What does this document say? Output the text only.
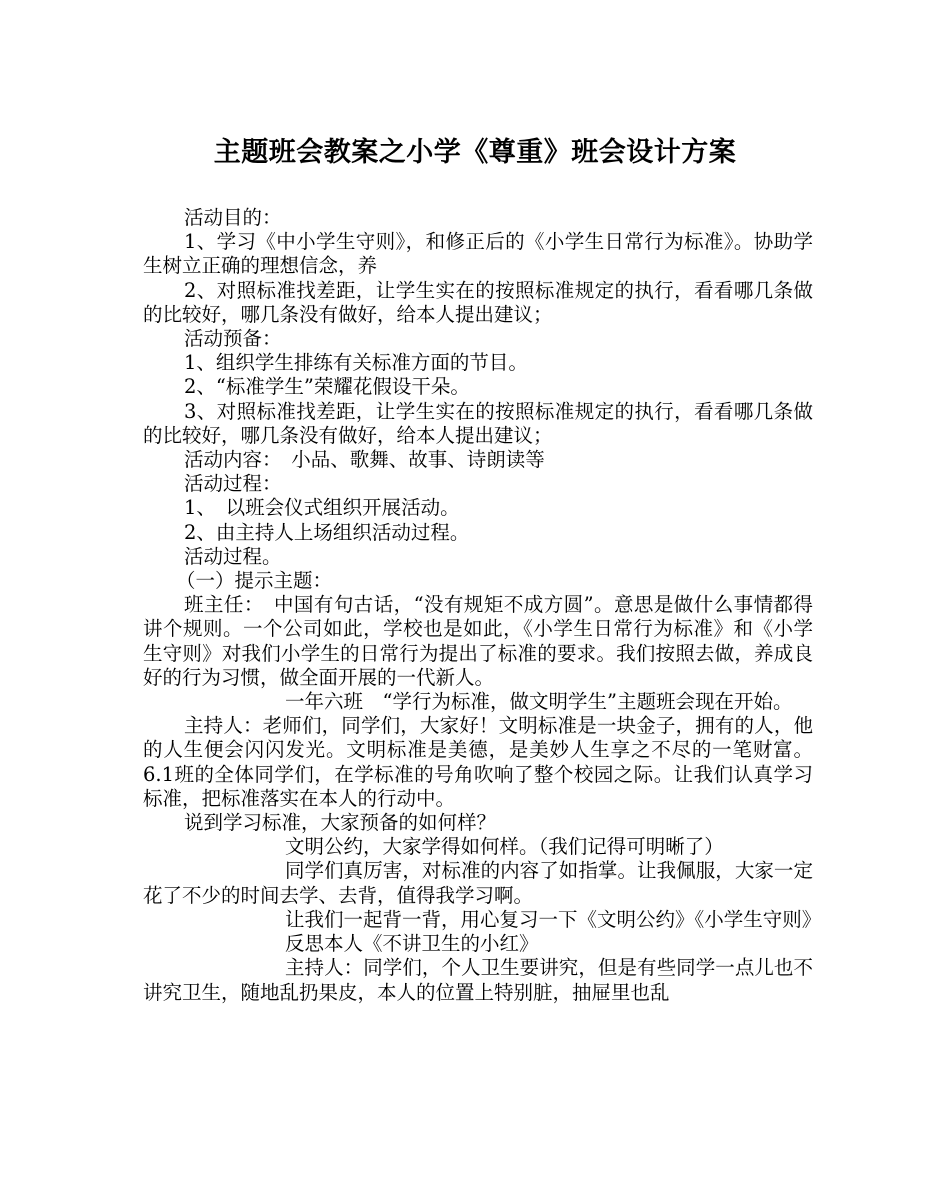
主题班会教案之小学《尊重》班会设计方案

活动目的：

1、学习《中小学生守则》，和修正后的《小学生日常行为标准》。协助学生树立正确的理想信念，养

2、对照标准找差距，让学生实在的按照标准规定的执行，看看哪几条做的比较好，哪几条没有做好，给本人提出建议；

活动预备：

1、组织学生排练有关标准方面的节目。

2、“标准学生”荣耀花假设干朵。

3、对照标准找差距，让学生实在的按照标准规定的执行，看看哪几条做的比较好，哪几条没有做好，给本人提出建议；

活动内容：　小品、歌舞、故事、诗朗读等

活动过程：

1、　以班会仪式组织开展活动。

2、由主持人上场组织活动过程。

活动过程。

（一）提示主题：

班主任：　中国有句古话，“没有规矩不成方圆”。意思是做什么事情都得讲个规则。一个公司如此，学校也是如此，《小学生日常行为标准》和《小学生守则》对我们小学生的日常行为提出了标准的要求。我们按照去做，养成良好的行为习惯，做全面开展的一代新人。

一年六班　“学行为标准，做文明学生”主题班会现在开始。

主持人：老师们，同学们，大家好！文明标准是一块金子，拥有的人，他的人生便会闪闪发光。文明标准是美德，是美妙人生享之不尽的一笔财富。6.1班的全体同学们，在学标准的号角吹响了整个校园之际。让我们认真学习标准，把标准落实在本人的行动中。

说到学习标准，大家预备的如何样？

文明公约，大家学得如何样。（我们记得可明晰了）

同学们真厉害，对标准的内容了如指掌。让我佩服，大家一定花了不少的时间去学、去背，值得我学习啊。

让我们一起背一背，用心复习一下《文明公约》《小学生守则》

反思本人《不讲卫生的小红》

主持人：同学们，个人卫生要讲究，但是有些同学一点儿也不讲究卫生，随地乱扔果皮，本人的位置上特别脏，抽屉里也乱
